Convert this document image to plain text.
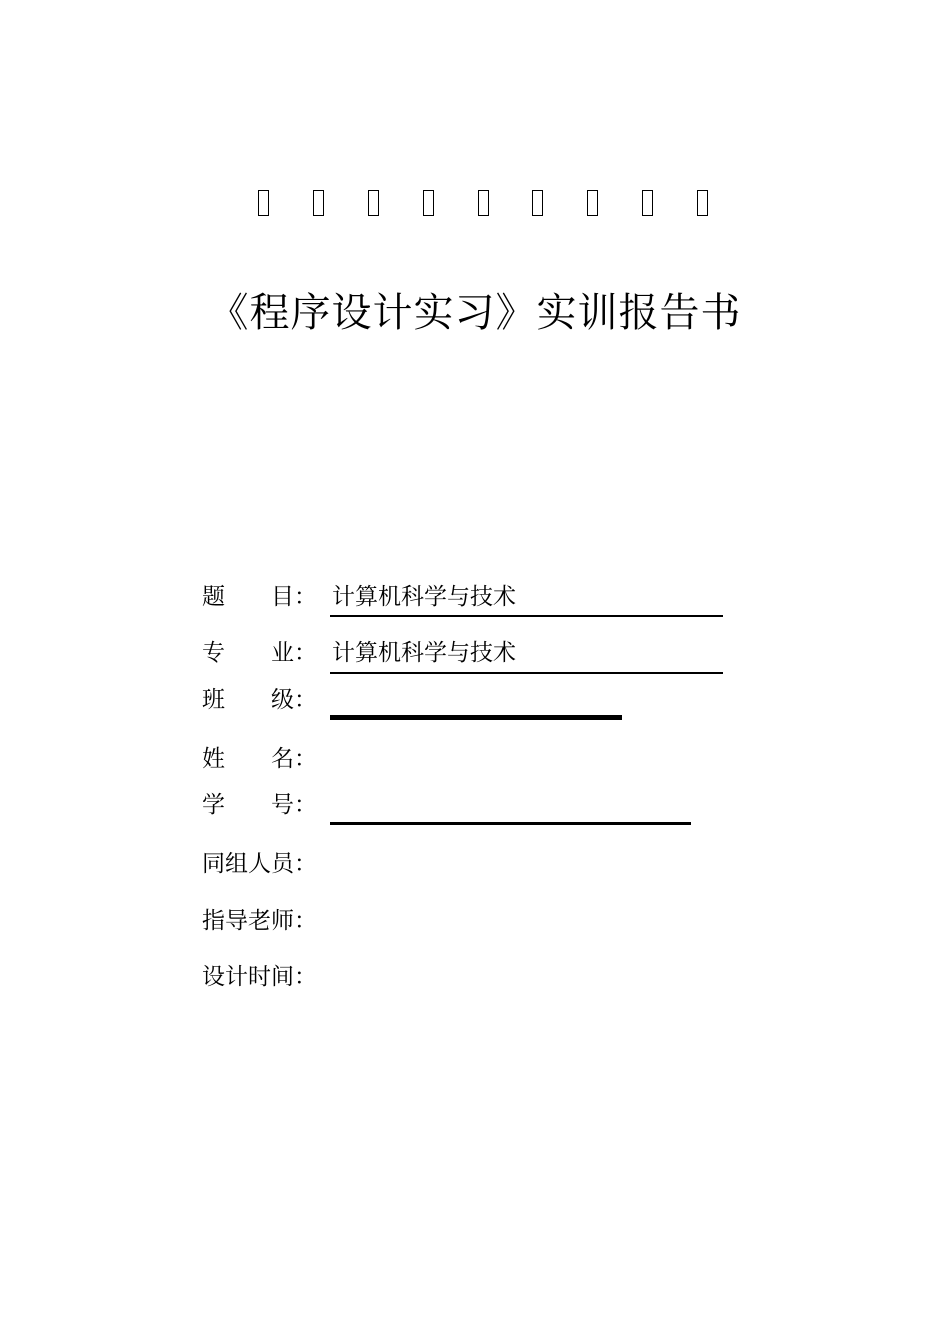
《程序设计实习》实训报告书
题　　目： 计算机科学与技术
专　　业： 计算机科学与技术
班　　级：
姓　　名：
学　　号：
同组人员：
指导老师：
设计时间：
